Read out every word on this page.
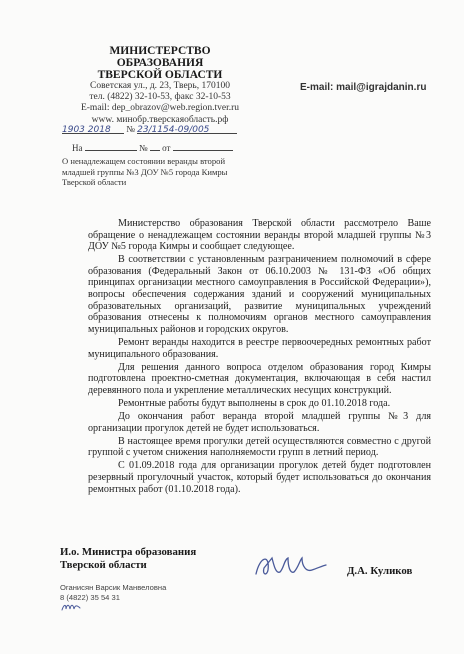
МИНИСТЕРСТВО ОБРАЗОВАНИЯ
ТВЕРСКОЙ ОБЛАСТИ
Советская ул., д. 23, Тверь, 170100
тел. (4822) 32-10-53, факс 32-10-53
E-mail: dep_obrazov@web.region.tver.ru
www. минобр.тверскаяобласть.рф
1903 2018 № 23/1154-09/005
На	№ от
О ненадлежащем состоянии веранды второй младшей группы №3 ДОУ №5 города Кимры Тверской области
E-mail: mail@igrajdanin.ru

Министерство образования Тверской области рассмотрело Ваше обращение о ненадлежащем состоянии веранды второй младшей группы №3 ДОУ №5 города Кимры и сообщает следующее.

В соответствии с установленным разграничением полномочий в сфере образования (Федеральный Закон от 06.10.2003 № 131-ФЗ «Об общих принципах организации местного самоуправления в Российской Федерации»), вопросы обеспечения содержания зданий и сооружений муниципальных образовательных организаций, развитие муниципальных учреждений образования отнесены к полномочиям органов местного самоуправления муниципальных районов и городских округов.

Ремонт веранды находится в реестре первоочередных ремонтных работ муниципального образования.

Для решения данного вопроса отделом образования город Кимры подготовлена проектно-сметная документация, включающая в себя настил деревянного пола и укрепление металлических несущих конструкций.

Ремонтные работы будут выполнены в срок до 01.10.2018 года.

До окончания работ веранда второй младшей группы №3 для организации прогулок детей не будет использоваться.

В настоящее время прогулки детей осуществляются совместно с другой группой с учетом снижения наполняемости групп в летний период.

С 01.09.2018 года для организации прогулок детей будет подготовлен резервный прогулочный участок, который будет использоваться до окончания ремонтных работ (01.10.2018 года).

И.о. Министра образования
Тверской области	Д.А. Куликов
Оганисян Варсик Манвеловна
8 (4822) 35 54 31
